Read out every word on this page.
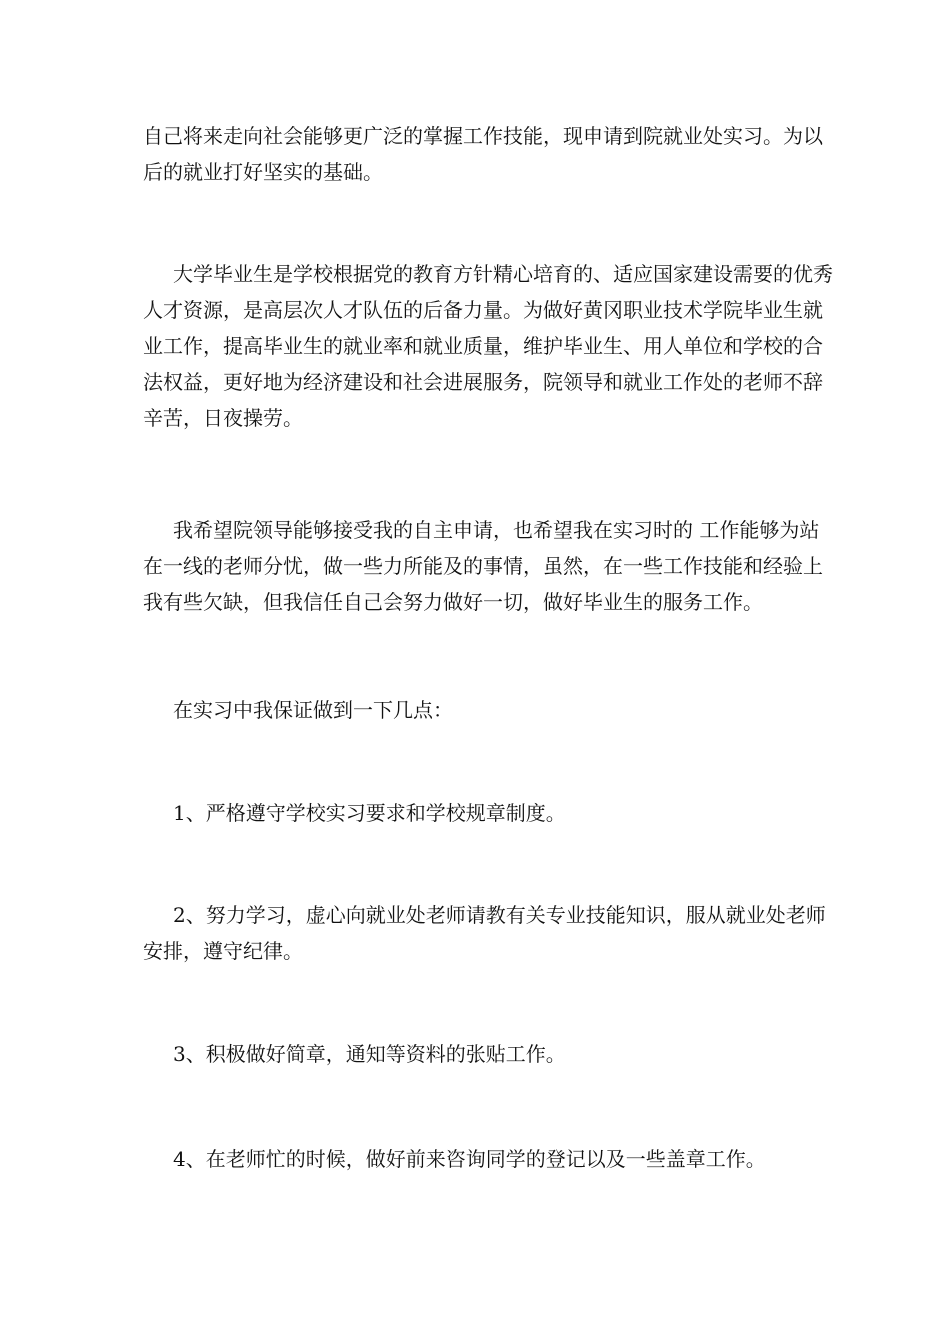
自己将来走向社会能够更广泛的掌握工作技能，现申请到院就业处实习。为以
后的就业打好坚实的基础。

大学毕业生是学校根据党的教育方针精心培育的、适应国家建设需要的优秀
人才资源，是高层次人才队伍的后备力量。为做好黄冈职业技术学院毕业生就
业工作，提高毕业生的就业率和就业质量，维护毕业生、用人单位和学校的合
法权益，更好地为经济建设和社会进展服务，院领导和就业工作处的老师不辞
辛苦，日夜操劳。

我希望院领导能够接受我的自主申请，也希望我在实习时的 工作能够为站
在一线的老师分忧，做一些力所能及的事情，虽然，在一些工作技能和经验上
我有些欠缺，但我信任自己会努力做好一切，做好毕业生的服务工作。

在实习中我保证做到一下几点：

1、严格遵守学校实习要求和学校规章制度。

2、努力学习，虚心向就业处老师请教有关专业技能知识，服从就业处老师
安排，遵守纪律。

3、积极做好简章，通知等资料的张贴工作。

4、在老师忙的时候，做好前来咨询同学的登记以及一些盖章工作。
